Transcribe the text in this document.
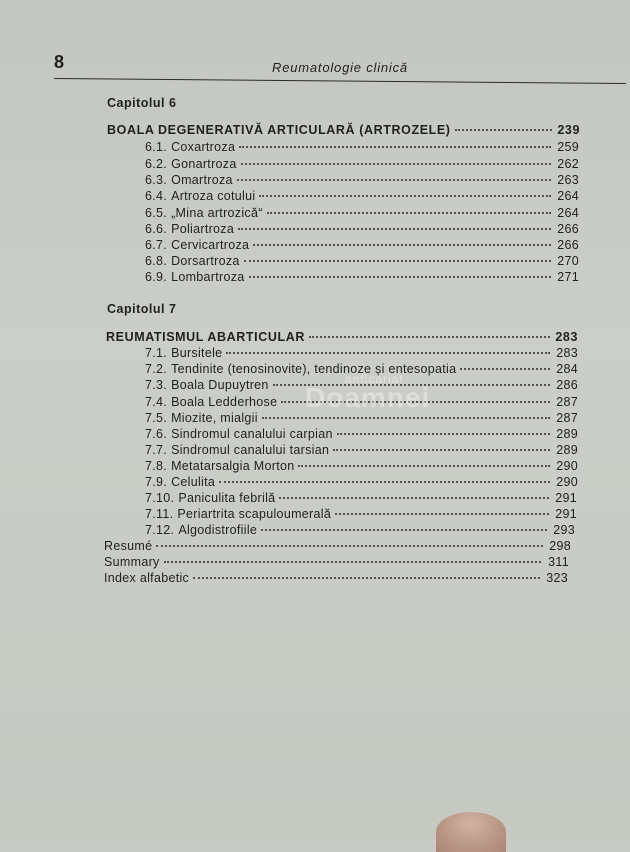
8	Reumatologie clinică
Capitolul 6
BOALA DEGENERATIVĂ ARTICULARĂ (ARTROZELE)	239
6.1. Coxartroza	259
6.2. Gonartroza	262
6.3. Omartroza	263
6.4. Artroza cotului	264
6.5. „Mina artrozică“	264
6.6. Poliartroza	266
6.7. Cervicartroza	266
6.8. Dorsartroza	270
6.9. Lombartroza	271
Capitolul 7
REUMATISMUL ABARTICULAR	283
7.1. Bursitele	283
7.2. Tendinite (tenosinovite), tendinoze și entesopatia	284
7.3. Boala Dupuytren	286
7.4. Boala Ledderhose	287
7.5. Miozite, mialgii	287
7.6. Sindromul canalului carpian	289
7.7. Sindromul canalului tarsian	289
7.8. Metatarsalgia Morton	290
7.9. Celulita	290
7.10. Paniculita febrilă	291
7.11. Periartrita scapuloumerală	291
7.12. Algodistrofiile	293
Resumé	298
Summary	311
Index alfabetic	323
anticariat
Doamnei
